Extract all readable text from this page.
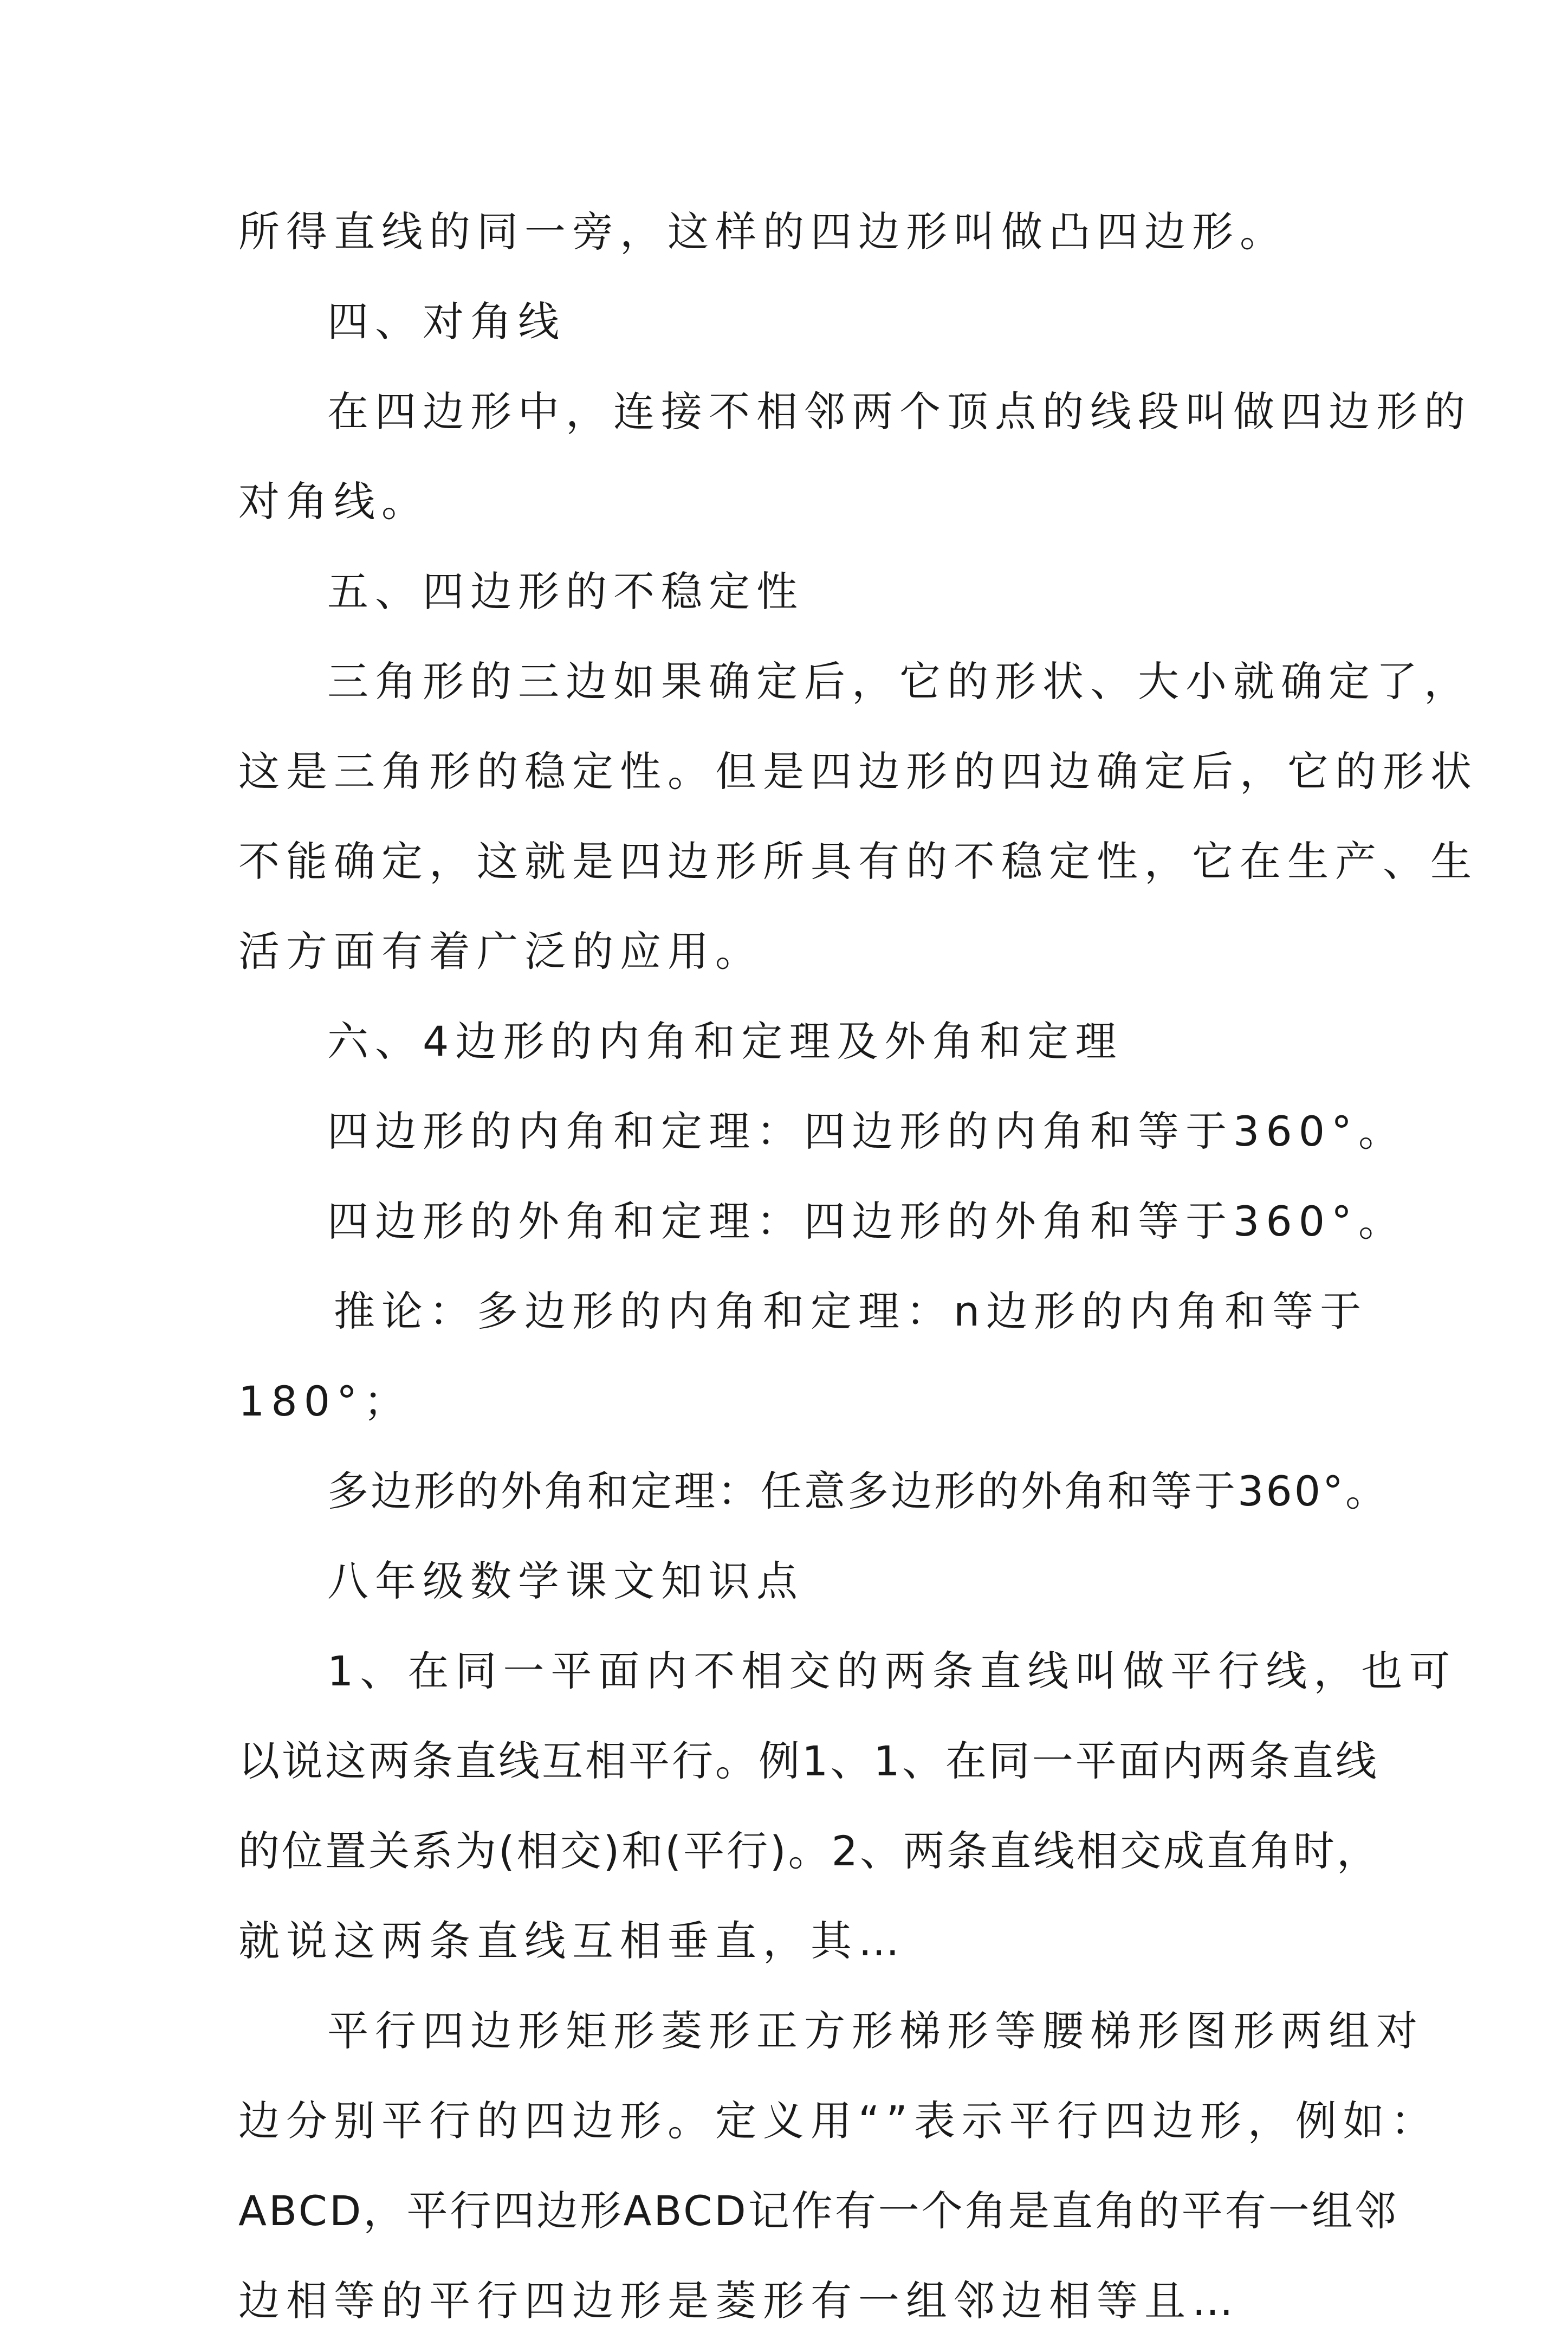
所得直线的同一旁，这样的四边形叫做凸四边形。
四、对角线
在四边形中，连接不相邻两个顶点的线段叫做四边形的
对角线。
五、四边形的不稳定性
三角形的三边如果确定后，它的形状、大小就确定了，
这是三角形的稳定性。但是四边形的四边确定后，它的形状
不能确定，这就是四边形所具有的不稳定性，它在生产、生
活方面有着广泛的应用。
六、4边形的内角和定理及外角和定理
四边形的内角和定理：四边形的内角和等于360°。
四边形的外角和定理：四边形的外角和等于360°。
推论：多边形的内角和定理：n边形的内角和等于
180°；
多边形的外角和定理：任意多边形的外角和等于360°。
八年级数学课文知识点
1、在同一平面内不相交的两条直线叫做平行线，也可
以说这两条直线互相平行。例1、1、在同一平面内两条直线
的位置关系为(相交)和(平行)。2、两条直线相交成直角时，
就说这两条直线互相垂直，其…
平行四边形矩形菱形正方形梯形等腰梯形图形两组对
边分别平行的四边形。定义用“”表示平行四边形，例如：
ABCD，平行四边形ABCD记作有一个角是直角的平有一组邻
边相等的平行四边形是菱形有一组邻边相等且…
